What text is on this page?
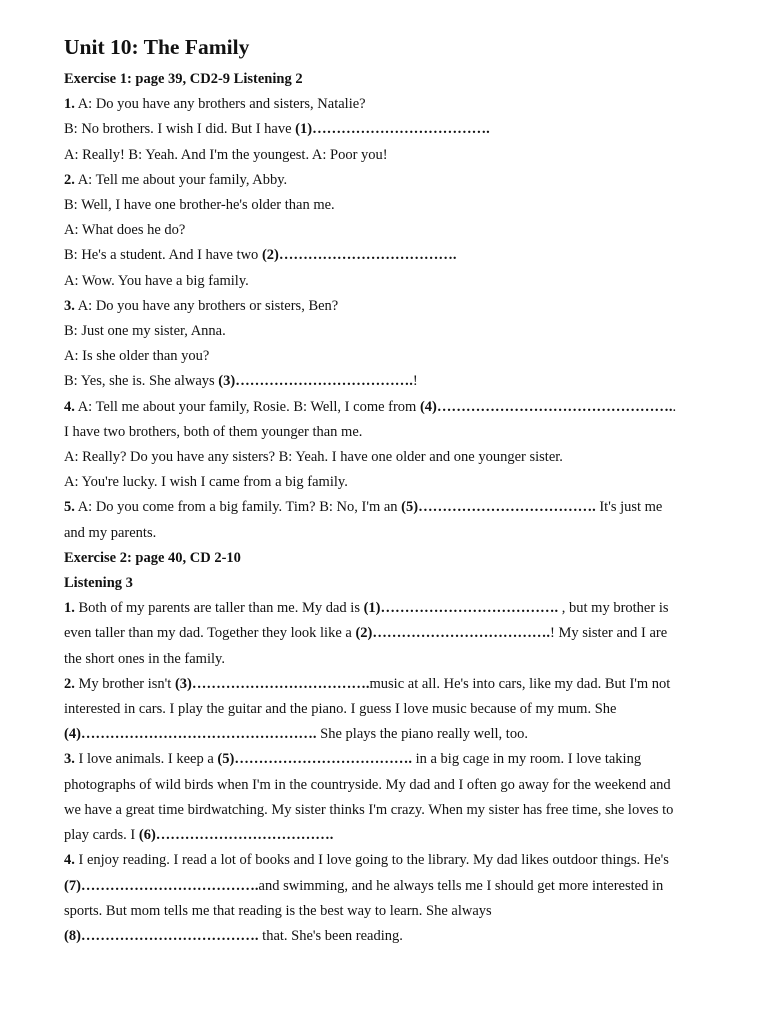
Unit 10: The Family
Exercise 1: page 39, CD2-9 Listening 2
1. A: Do you have any brothers and sisters, Natalie?
B: No brothers. I wish I did. But I have (1)……………………………….
A: Really! B: Yeah. And I'm the youngest. A: Poor you!
2. A: Tell me about your family, Abby.
B: Well, I have one brother-he's older than me.
A: What does he do?
B: He's a student. And I have two (2)……………………………….
A: Wow. You have a big family.
3. A: Do you have any brothers or sisters, Ben?
B: Just one my sister, Anna.
A: Is she older than you?
B: Yes, she is. She always (3)……………………………….!
4. A: Tell me about your family, Rosie. B: Well, I come from (4)…………………………………………..
I have two brothers, both of them younger than me.
A: Really? Do you have any sisters? B: Yeah. I have one older and one younger sister.
A: You're lucky. I wish I came from a big family.
5. A: Do you come from a big family. Tim? B: No, I'm an (5)………………………………. It's just me
and my parents.
Exercise 2: page 40, CD 2-10
Listening 3
1. Both of my parents are taller than me. My dad is (1)………………………………. , but my brother is
even taller than my dad. Together they look like a (2)……………………………….! My sister and I are
the short ones in the family.
2. My brother isn't (3)……………………………….music at all. He's into cars, like my dad. But I'm not
interested in cars. I play the guitar and the piano. I guess I love music because of my mum. She
(4)…………………………………………. She plays the piano really well, too.
3. I love animals. I keep a (5)………………………………. in a big cage in my room. I love taking
photographs of wild birds when I'm in the countryside. My dad and I often go away for the weekend and
we have a great time birdwatching. My sister thinks I'm crazy. When my sister has free time, she loves to
play cards. I (6)……………………………….
4. I enjoy reading. I read a lot of books and I love going to the library. My dad likes outdoor things. He's
(7)……………………………….and swimming, and he always tells me I should get more interested in
sports. But mom tells me that reading is the best way to learn. She always
(8)………………………………. that. She's been reading.
